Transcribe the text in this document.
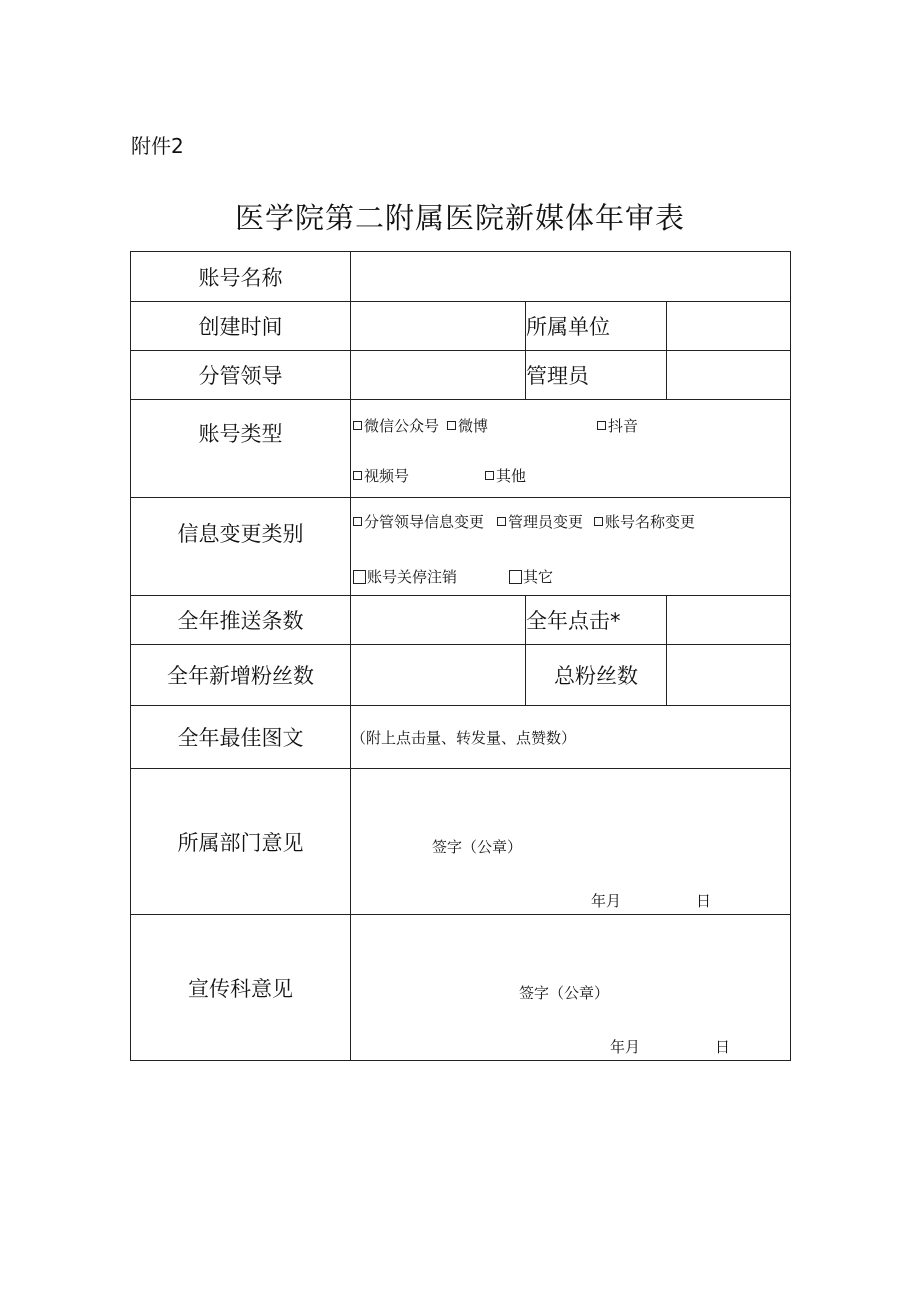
附件2
医学院第二附属医院新媒体年审表
账号名称			
创建时间		所属单位	
分管领导		管理员	
账号类型	微信公众号 微博 抖音
视频号 其他		

信息变更类别	分管领导信息变更 管理员变更 账号名称变更
账号关停注销 其它		

全年推送条数		全年点击*	
全年新增粉丝数		总粉丝数	
全年最佳图文	（附上点击量、转发量、点赞数）		
所属部门意见	签字（公章）
年月 日		

宣传科意见	签字（公章）
年月 日		
